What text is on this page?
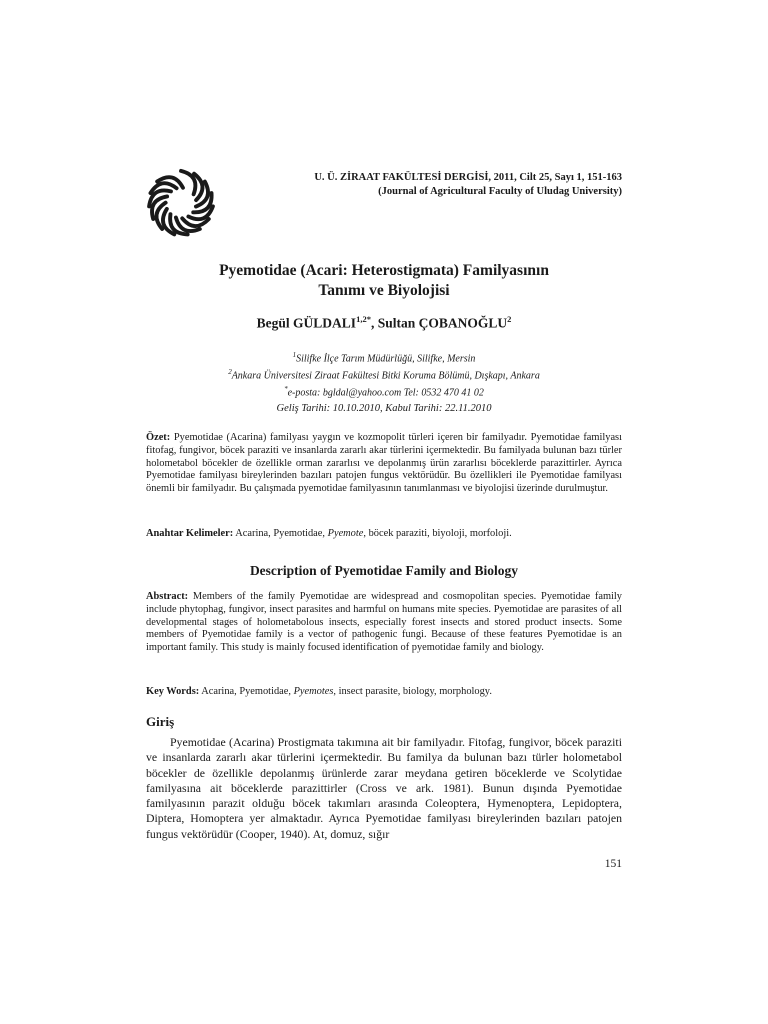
U. Ü. ZİRAAT FAKÜLTESİ DERGİSİ, 2011, Cilt 25, Sayı 1, 151-163
(Journal of Agricultural Faculty of Uludag University)
Pyemotidae (Acari: Heterostigmata) Familyasının
Tanımı ve Biyolojisi
Begül $GÜLDALI^{1,2*}$, Sultan ÇOBANOĞLU$^2$
$^1$Silifke İlçe Tarım Müdürlüğü, Silifke, Mersin
$^2$Ankara Üniversitesi Ziraat Fakültesi Bitki Koruma Bölümü, Dışkapı, Ankara
*e-posta: bgldal@yahoo.com Tel: 0532 470 41 02
Geliş Tarihi: 10.10.2010, Kabul Tarihi: 22.11.2010
Özet: Pyemotidae (Acarina) familyası yaygın ve kozmopolit türleri içeren bir familyadır. Pyemotidae familyası fitofag, fungivor, böcek paraziti ve insanlarda zararlı akar türlerini içermektedir. Bu familyada bulunan bazı türler holometabol böcekler de özellikle orman zararlısı ve depolanmış ürün zararlısı böceklerde parazittirler. Ayrıca Pyemotidae familyası bireylerinden bazıları patojen fungus vektörüdür. Bu özellikleri ile Pyemotidae familyası önemli bir familyadır. Bu çalışmada pyemotidae familyasının tanımlanması ve biyolojisi üzerinde durulmuştur.
Anahtar Kelimeler: Acarina, Pyemotidae, Pyemote, böcek paraziti, biyoloji, morfoloji.
Description of Pyemotidae Family and Biology
Abstract: Members of the family Pyemotidae are widespread and cosmopolitan species. Pyemotidae family include phytophag, fungivor, insect parasites and harmful on humans mite species. Pyemotidae are parasites of all developmental stages of holometabolous insects, especially forest insects and stored product insects. Some members of Pyemotidae family is a vector of pathogenic fungi. Because of these features Pyemotidae is an important family. This study is mainly focused identification of pyemotidae family and biology.
Key Words: Acarina, Pyemotidae, Pyemotes, insect parasite, biology, morphology.
Giriş
Pyemotidae (Acarina) Prostigmata takımına ait bir familyadır. Fitofag, fungivor, böcek paraziti ve insanlarda zararlı akar türlerini içermektedir. Bu familya da bulunan bazı türler holometabol böcekler de özellikle depolanmış ürünlerde zarar meydana getiren böceklerde ve Scolytidae familyasına ait böceklerde parazittirler (Cross ve ark. 1981). Bunun dışında Pyemotidae familyasının parazit olduğu böcek takımları arasında Coleoptera, Hymenoptera, Lepidoptera, Diptera, Homoptera yer almaktadır. Ayrıca Pyemotidae familyası bireylerinden bazıları patojen fungus vektörüdür (Cooper, 1940). At, domuz, sığır
151
